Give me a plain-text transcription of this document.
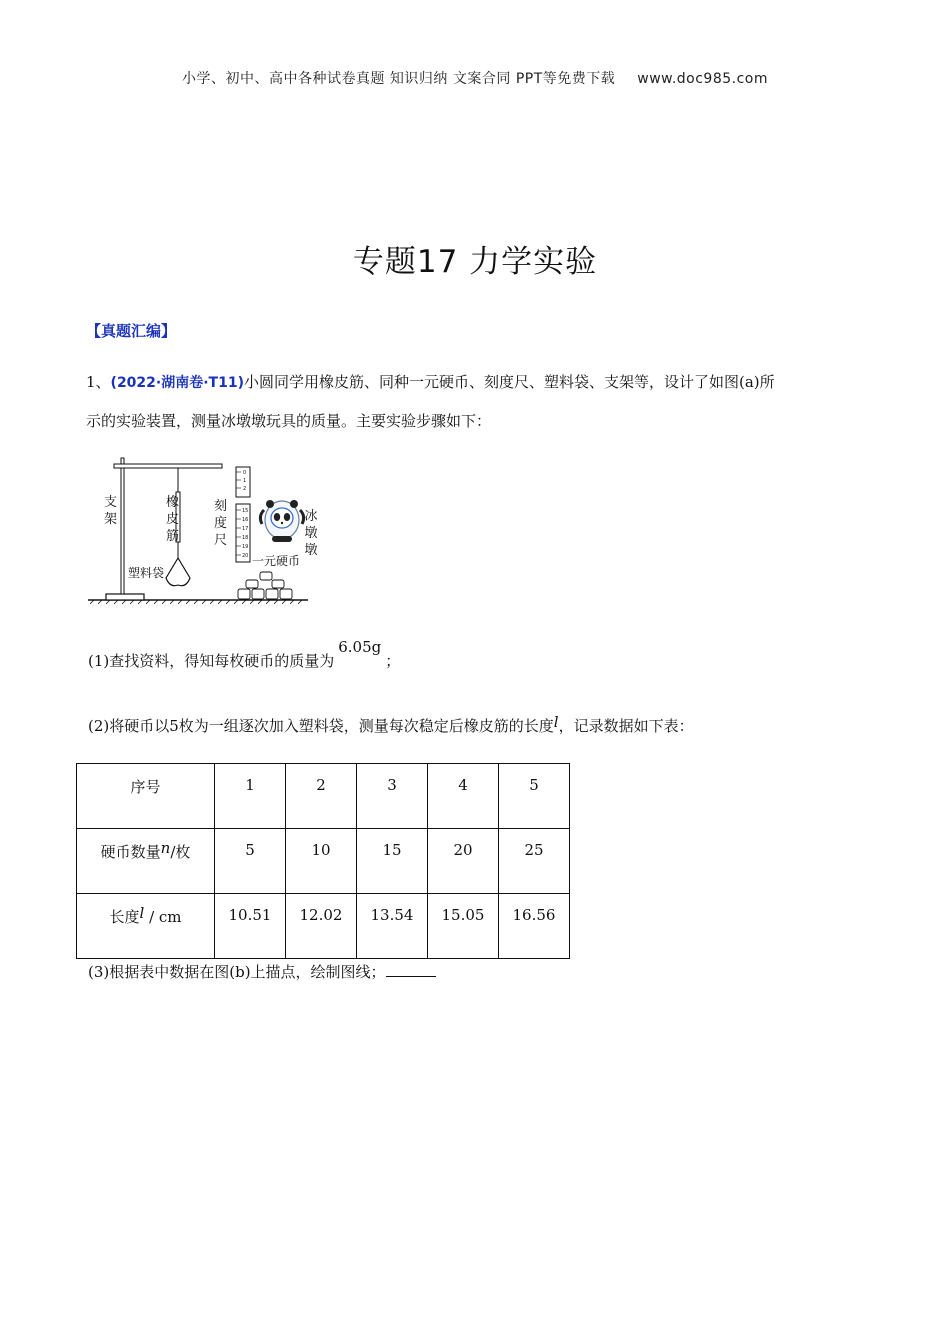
小学、初中、高中各种试卷真题 知识归纳 文案合同 PPT等免费下载 www.doc985.com
专题17 力学实验
【真题汇编】
1、(2022·湖南卷·T11)小圆同学用橡皮筋、同种一元硬币、刻度尺、塑料袋、支架等，设计了如图(a)所
示的实验装置，测量冰墩墩玩具的质量。主要实验步骤如下：
0
1
2
15
16
17
18
19
20
支
架
橡
皮
筋
刻
度
尺
塑料袋
冰
墩
墩
一元硬币
(1)查找资料，得知每枚硬币的质量为6.05g；
(2)将硬币以5枚为一组逐次加入塑料袋，测量每次稳定后橡皮筋的长度l，记录数据如下表：
序号	1	2	3	4	5
硬币数量n/枚	5	10	15	20	25
长度l / cm	10.51	12.02	13.54	15.05	16.56
(3)根据表中数据在图(b)上描点，绘制图线；
